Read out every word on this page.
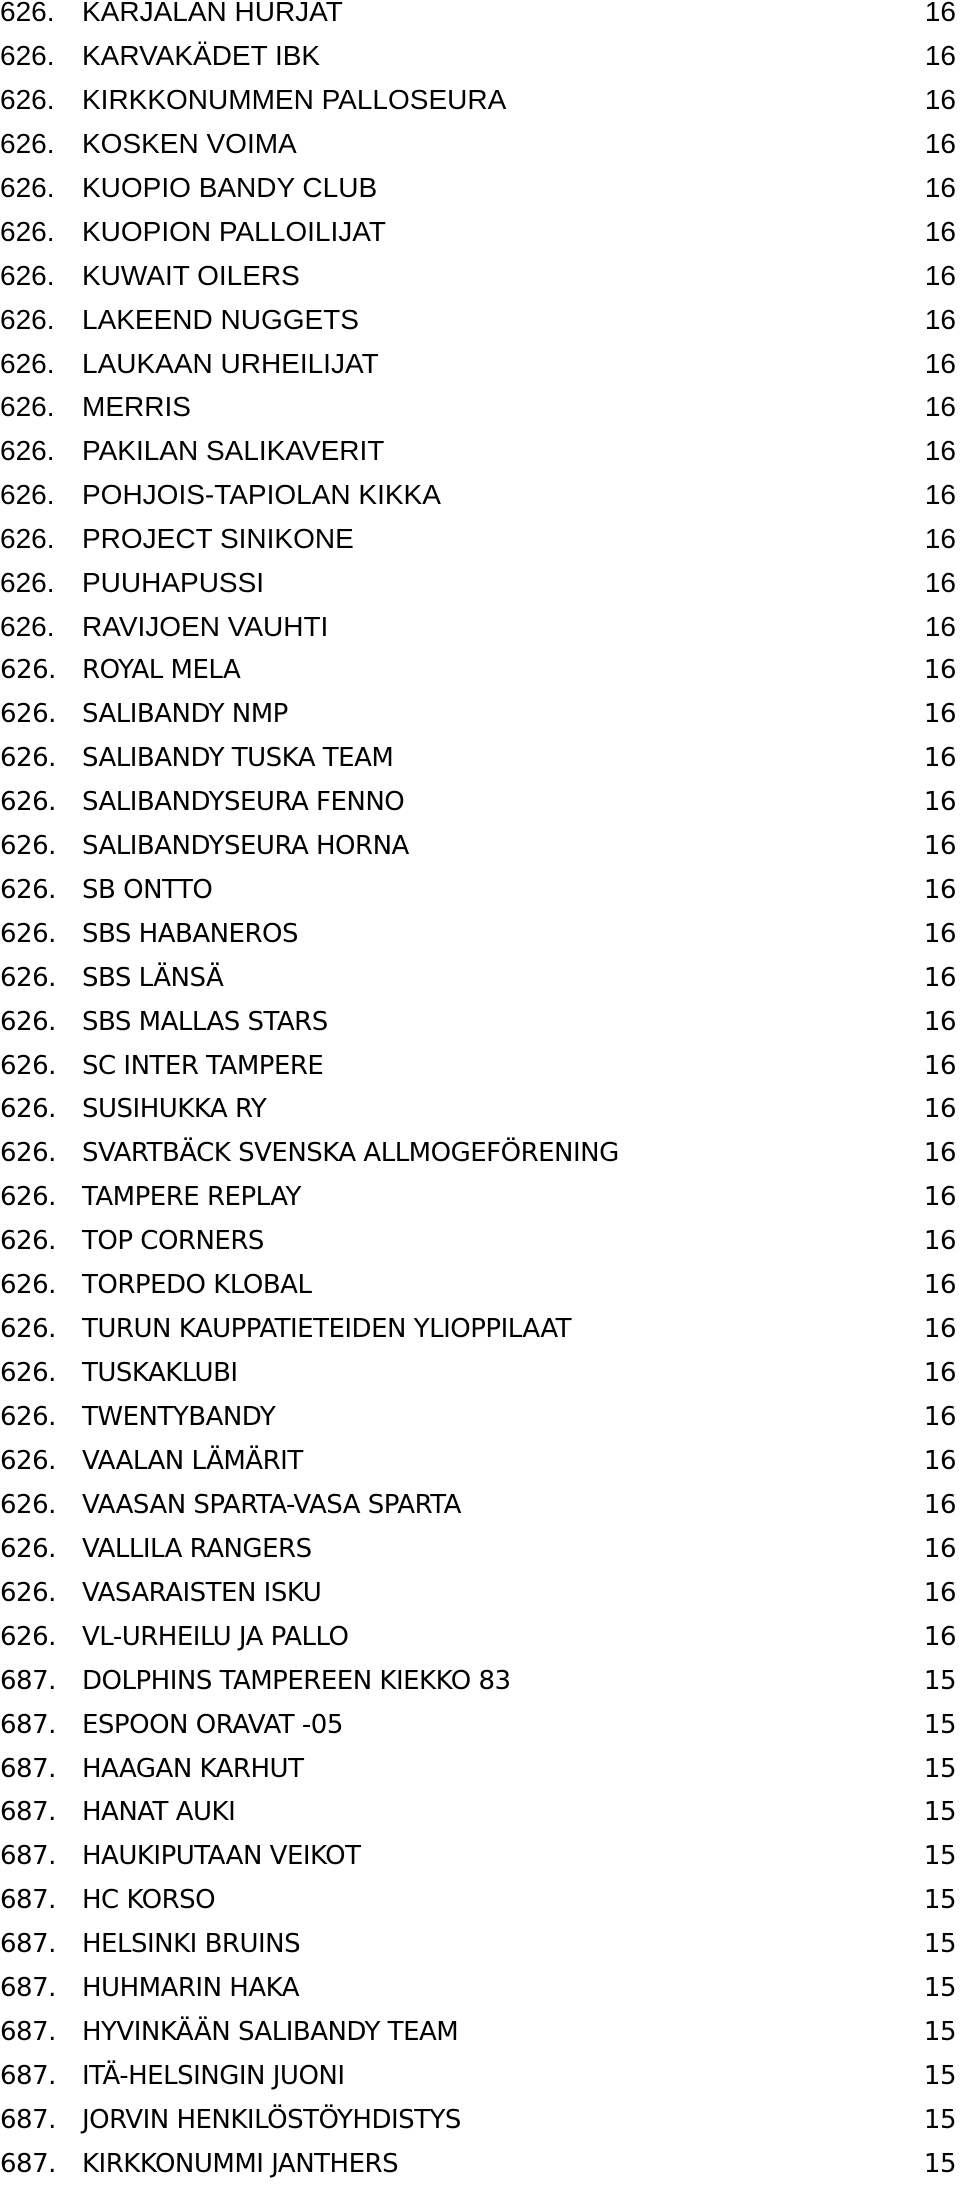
626. KARJALAN HURJAT	16
626. KARVAKÄDET IBK	16
626. KIRKKONUMMEN PALLOSEURA	16
626. KOSKEN VOIMA	16
626. KUOPIO BANDY CLUB	16
626. KUOPION PALLOILIJAT	16
626. KUWAIT OILERS	16
626. LAKEEND NUGGETS	16
626. LAUKAAN URHEILIJAT	16
626. MERRIS	16
626. PAKILAN SALIKAVERIT	16
626. POHJOIS-TAPIOLAN KIKKA	16
626. PROJECT SINIKONE	16
626. PUUHAPUSSI	16
626. RAVIJOEN VAUHTI	16
626. ROYAL MELA	16
626. SALIBANDY NMP	16
626. SALIBANDY TUSKA TEAM	16
626. SALIBANDYSEURA FENNO	16
626. SALIBANDYSEURA HORNA	16
626. SB ONTTO	16
626. SBS HABANEROS	16
626. SBS LÄNSÄ	16
626. SBS MALLAS STARS	16
626. SC INTER TAMPERE	16
626. SUSIHUKKA RY	16
626. SVARTBÄCK SVENSKA ALLMOGEFÖRENING	16
626. TAMPERE REPLAY	16
626. TOP CORNERS	16
626. TORPEDO KLOBAL	16
626. TURUN KAUPPATIETEIDEN YLIOPPILAAT	16
626. TUSKAKLUBI	16
626. TWENTYBANDY	16
626. VAALAN LÄMÄRIT	16
626. VAASAN SPARTA-VASA SPARTA	16
626. VALLILA RANGERS	16
626. VASARAISTEN ISKU	16
626. VL-URHEILU JA PALLO	16
687. DOLPHINS TAMPEREEN KIEKKO 83	15
687. ESPOON ORAVAT -05	15
687. HAAGAN KARHUT	15
687. HANAT AUKI	15
687. HAUKIPUTAAN VEIKOT	15
687. HC KORSO	15
687. HELSINKI BRUINS	15
687. HUHMARIN HAKA	15
687. HYVINKÄÄN SALIBANDY TEAM	15
687. ITÄ-HELSINGIN JUONI	15
687. JORVIN HENKILÖSTÖYHDISTYS	15
687. KIRKKONUMMI JANTHERS	15
